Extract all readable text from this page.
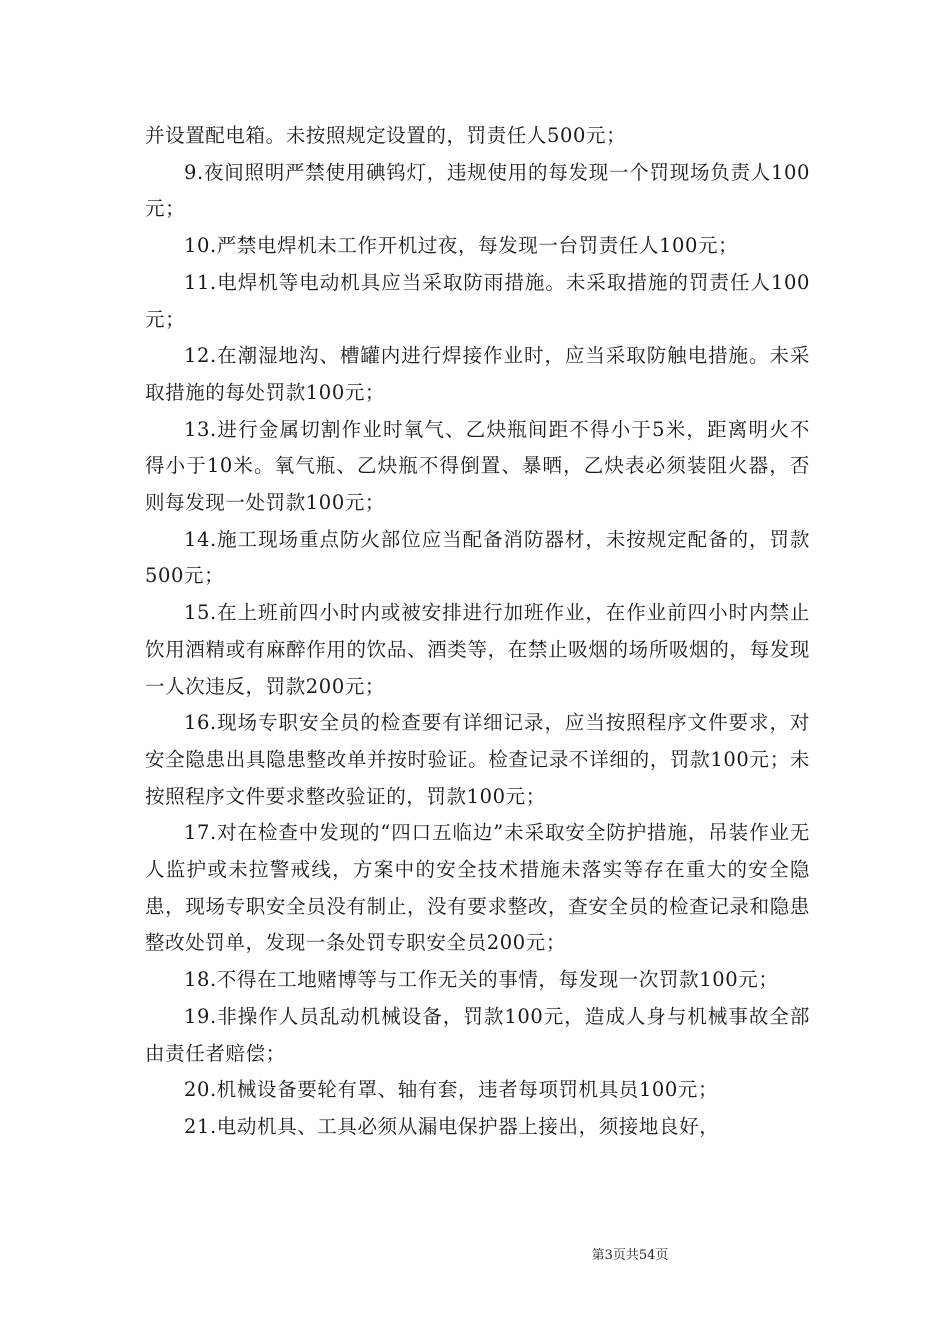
并设置配电箱。未按照规定设置的，罚责任人500元；

9.夜间照明严禁使用碘钨灯，违规使用的每发现一个罚现场负责人100元；

10.严禁电焊机未工作开机过夜，每发现一台罚责任人100元；

11.电焊机等电动机具应当采取防雨措施。未采取措施的罚责任人100元；

12.在潮湿地沟、槽罐内进行焊接作业时，应当采取防触电措施。未采取措施的每处罚款100元；

13.进行金属切割作业时氧气、乙炔瓶间距不得小于5米，距离明火不得小于10米。氧气瓶、乙炔瓶不得倒置、暴晒，乙炔表必须装阻火器，否则每发现一处罚款100元；

14.施工现场重点防火部位应当配备消防器材，未按规定配备的，罚款500元；

15.在上班前四小时内或被安排进行加班作业，在作业前四小时内禁止饮用酒精或有麻醉作用的饮品、酒类等，在禁止吸烟的场所吸烟的，每发现一人次违反，罚款200元；

16.现场专职安全员的检查要有详细记录，应当按照程序文件要求，对安全隐患出具隐患整改单并按时验证。检查记录不详细的，罚款100元；未按照程序文件要求整改验证的，罚款100元；

17.对在检查中发现的“四口五临边”未采取安全防护措施，吊装作业无人监护或未拉警戒线，方案中的安全技术措施未落实等存在重大的安全隐患，现场专职安全员没有制止，没有要求整改，查安全员的检查记录和隐患整改处罚单，发现一条处罚专职安全员200元；

18.不得在工地赌博等与工作无关的事情，每发现一次罚款100元；

19.非操作人员乱动机械设备，罚款100元，造成人身与机械事故全部由责任者赔偿；

20.机械设备要轮有罩、轴有套，违者每项罚机具员100元；

21.电动机具、工具必须从漏电保护器上接出，须接地良好，

第3页共54页
